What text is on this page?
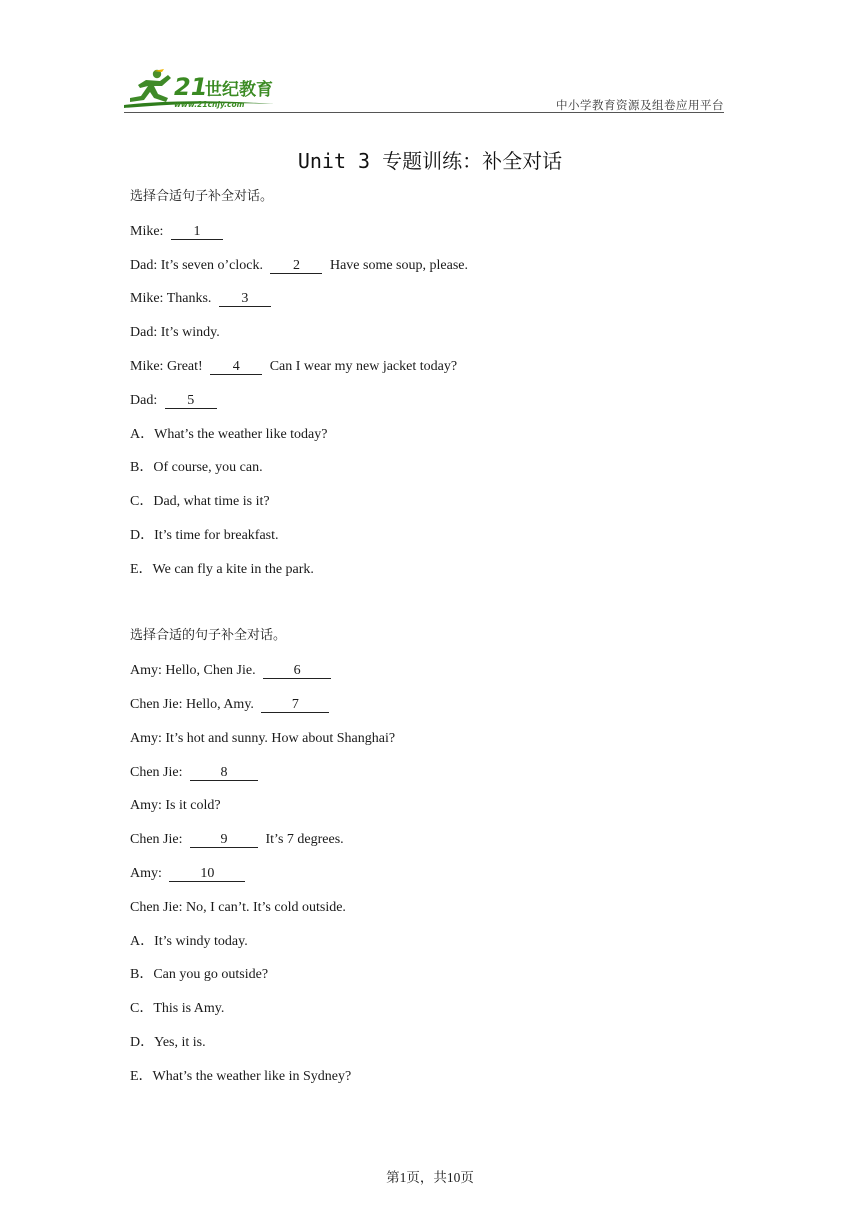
21
世纪教育
www.21cnjy.com	中小学教育资源及组卷应用平台
Unit 3 专题训练：补全对话
选择合适句子补全对话。
Mike: 1
Dad: It’s seven o’clock. 2 Have some soup, please.
Mike: Thanks. 3
Dad: It’s windy.
Mike: Great! 4 Can I wear my new jacket today?
Dad: 5
A．What’s the weather like today?
B．Of course, you can.
C．Dad, what time is it?
D．It’s time for breakfast.
E．We can fly a kite in the park.
选择合适的句子补全对话。
Amy: Hello, Chen Jie.	6
Chen Jie: Hello, Amy.	7
Amy: It’s hot and sunny. How about Shanghai?
Chen Jie:	8
Amy: Is it cold?
Chen Jie:	9	It’s 7 degrees.
Amy:	10
Chen Jie: No, I can’t. It’s cold outside.
A．It’s windy today.
B．Can you go outside?
C．This is Amy.
D．Yes, it is.
E．What’s the weather like in Sydney?
第1页，共10页
